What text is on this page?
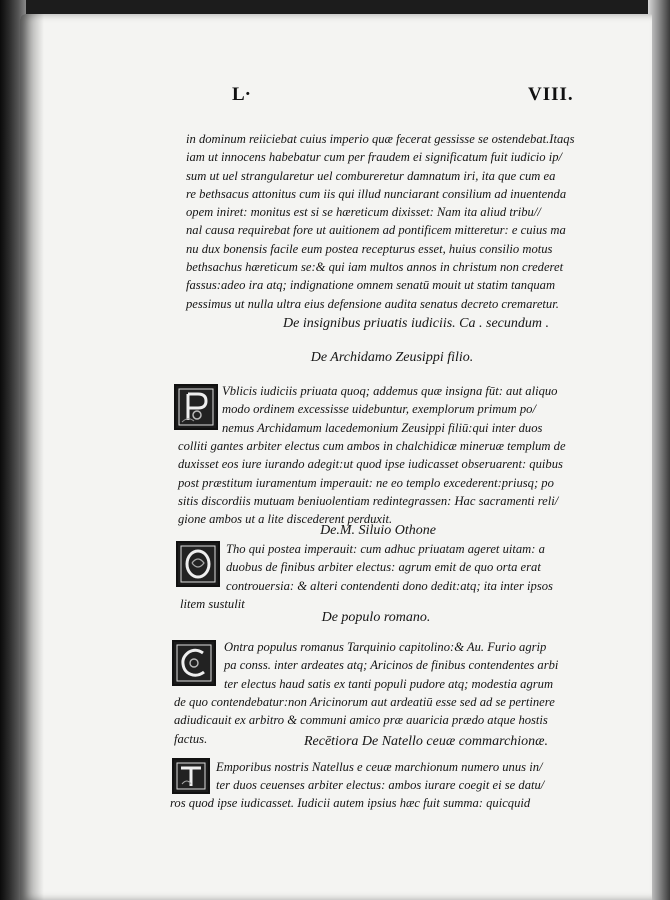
L·	VIII.
in dominum reiiciebat cuius imperio quæ fecerat gessisse se ostendebat.Itaqs
iam ut innocens habebatur cum per fraudem ei significatum fuit iudicio ip/
sum ut uel strangularetur uel combureretur damnatum iri, ita que cum ea
re bethsacus attonitus cum iis qui illud nunciarant consilium ad inuentenda
opem iniret: monitus est si se hæreticum dixisset: Nam ita aliud tribu//
nal causa requirebat fore ut auitionem ad pontificem mitteretur: e cuius ma
nu dux bonensis facile eum postea recepturus esset, huius consilio motus
bethsachus hæreticum se:& qui iam multos annos in christum non crederet
fassus:adeo ira atq; indignatione omnem senatū mouit ut statim tanquam
pessimus ut nulla ultra eius defensione audita senatus decreto cremaretur.
De insignibus priuatis iudiciis. Ca . secundum .
De Archidamo Zeusippi filio.
Vblicis iudiciis priuata quoq; addemus quæ insigna fūt: aut aliquo
modo ordinem excessisse uidebuntur, exemplorum primum po/
nemus Archidamum lacedemonium Zeusippi filiū:qui inter duos
colliti gantes arbiter electus cum ambos in chalchidicæ mineruæ templum de
duxisset eos iure iurando adegit:ut quod ipse iudicasset obseruarent: quibus
post præstitum iuramentum imperauit: ne eo templo excederent:priusq; po
sitis discordiis mutuam beniuolentiam redintegrassen: Hac sacramenti reli/
gione ambos ut a lite discederent perduxit.
De.M. Siluio Othone
Tho qui postea imperauit: cum adhuc priuatam ageret uitam: a
duobus de finibus arbiter electus: agrum emit de quo orta erat
controuersia: & alteri contendenti dono dedit:atq; ita inter ipsos
litem sustulit
De populo romano.
Ontra populus romanus Tarquinio capitolino:& Au. Furio agrip
pa conss. inter ardeates atq; Aricinos de finibus contendentes arbi
ter electus haud satis ex tanti populi pudore atq; modestia agrum
de quo contendebatur:non Aricinorum aut ardeatiū esse sed ad se pertinere
adiudicauit ex arbitro & communi amico præ auaricia prædo atque hostis
factus.	Recētiora De Natello ceuæ commarchionæ.
Emporibus nostris Natellus e ceuæ marchionum numero unus in/
ter duos ceuenses arbiter electus: ambos iurare coegit ei se datu/
ros quod ipse iudicasset. Iudicii autem ipsius hæc fuit summa: quicquid
